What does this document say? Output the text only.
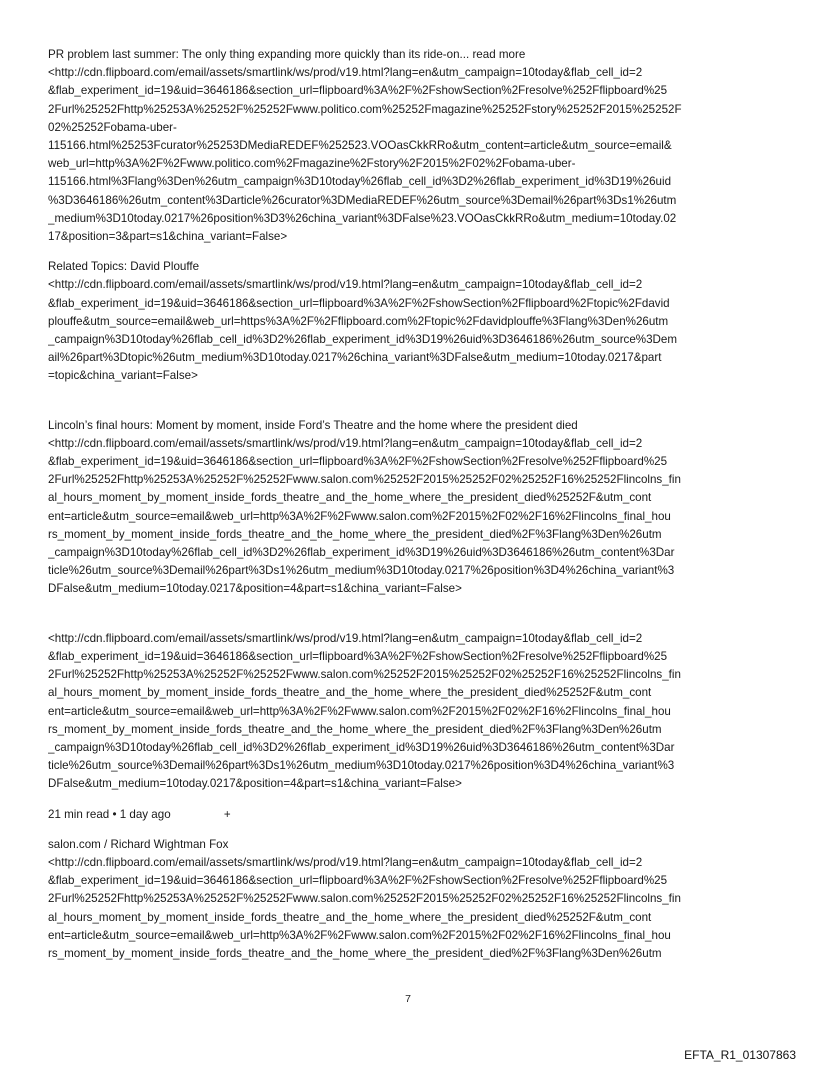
PR problem last summer: The only thing expanding more quickly than its ride-on... read more
<http://cdn.flipboard.com/email/assets/smartlink/ws/prod/v19.html?lang=en&utm_campaign=10today&flab_cell_id=2
&flab_experiment_id=19&uid=3646186&section_url=flipboard%3A%2F%2FshowSection%2Fresolve%252Fflipboard%25
2Furl%25252Fhttp%25253A%25252F%25252Fwww.politico.com%25252Fmagazine%25252Fstory%25252F2015%25252F
02%25252Fobama-uber-
115166.html%25253Fcurator%25253DMediaREDEF%252523.VOOasCkkRRo&utm_content=article&utm_source=email&
web_url=http%3A%2F%2Fwww.politico.com%2Fmagazine%2Fstory%2F2015%2F02%2Fobama-uber-
115166.html%3Flang%3Den%26utm_campaign%3D10today%26flab_cell_id%3D2%26flab_experiment_id%3D19%26uid
%3D3646186%26utm_content%3Darticle%26curator%3DMediaREDEF%26utm_source%3Demail%26part%3Ds1%26utm
_medium%3D10today.0217%26position%3D3%26china_variant%3DFalse%23.VOOasCkkRRo&utm_medium=10today.02
17&position=3&part=s1&china_variant=False>
Related Topics: David Plouffe
<http://cdn.flipboard.com/email/assets/smartlink/ws/prod/v19.html?lang=en&utm_campaign=10today&flab_cell_id=2
&flab_experiment_id=19&uid=3646186&section_url=flipboard%3A%2F%2FshowSection%2Fflipboard%2Ftopic%2Fdavid
plouffe&utm_source=email&web_url=https%3A%2F%2Fflipboard.com%2Ftopic%2Fdavidplouffe%3Flang%3Den%26utm
_campaign%3D10today%26flab_cell_id%3D2%26flab_experiment_id%3D19%26uid%3D3646186%26utm_source%3Dem
ail%26part%3Dtopic%26utm_medium%3D10today.0217%26china_variant%3DFalse&utm_medium=10today.0217&part
=topic&china_variant=False>
Lincoln’s final hours: Moment by moment, inside Ford’s Theatre and the home where the president died
<http://cdn.flipboard.com/email/assets/smartlink/ws/prod/v19.html?lang=en&utm_campaign=10today&flab_cell_id=2
&flab_experiment_id=19&uid=3646186&section_url=flipboard%3A%2F%2FshowSection%2Fresolve%252Fflipboard%25
2Furl%25252Fhttp%25253A%25252F%25252Fwww.salon.com%25252F2015%25252F02%25252F16%25252Flincolns_fin
al_hours_moment_by_moment_inside_fords_theatre_and_the_home_where_the_president_died%25252F&utm_cont
ent=article&utm_source=email&web_url=http%3A%2F%2Fwww.salon.com%2F2015%2F02%2F16%2Flincolns_final_hou
rs_moment_by_moment_inside_fords_theatre_and_the_home_where_the_president_died%2F%3Flang%3Den%26utm
_campaign%3D10today%26flab_cell_id%3D2%26flab_experiment_id%3D19%26uid%3D3646186%26utm_content%3Dar
ticle%26utm_source%3Demail%26part%3Ds1%26utm_medium%3D10today.0217%26position%3D4%26china_variant%3
DFalse&utm_medium=10today.0217&position=4&part=s1&china_variant=False>
<http://cdn.flipboard.com/email/assets/smartlink/ws/prod/v19.html?lang=en&utm_campaign=10today&flab_cell_id=2
&flab_experiment_id=19&uid=3646186&section_url=flipboard%3A%2F%2FshowSection%2Fresolve%252Fflipboard%25
2Furl%25252Fhttp%25253A%25252F%25252Fwww.salon.com%25252F2015%25252F02%25252F16%25252Flincolns_fin
al_hours_moment_by_moment_inside_fords_theatre_and_the_home_where_the_president_died%25252F&utm_cont
ent=article&utm_source=email&web_url=http%3A%2F%2Fwww.salon.com%2F2015%2F02%2F16%2Flincolns_final_hou
rs_moment_by_moment_inside_fords_theatre_and_the_home_where_the_president_died%2F%3Flang%3Den%26utm
_campaign%3D10today%26flab_cell_id%3D2%26flab_experiment_id%3D19%26uid%3D3646186%26utm_content%3Dar
ticle%26utm_source%3Demail%26part%3Ds1%26utm_medium%3D10today.0217%26position%3D4%26china_variant%3
DFalse&utm_medium=10today.0217&position=4&part=s1&china_variant=False>
21 min read • 1 day ago	+
salon.com / Richard Wightman Fox
<http://cdn.flipboard.com/email/assets/smartlink/ws/prod/v19.html?lang=en&utm_campaign=10today&flab_cell_id=2
&flab_experiment_id=19&uid=3646186&section_url=flipboard%3A%2F%2FshowSection%2Fresolve%252Fflipboard%25
2Furl%25252Fhttp%25253A%25252F%25252Fwww.salon.com%25252F2015%25252F02%25252F16%25252Flincolns_fin
al_hours_moment_by_moment_inside_fords_theatre_and_the_home_where_the_president_died%25252F&utm_cont
ent=article&utm_source=email&web_url=http%3A%2F%2Fwww.salon.com%2F2015%2F02%2F16%2Flincolns_final_hou
rs_moment_by_moment_inside_fords_theatre_and_the_home_where_the_president_died%2F%3Flang%3Den%26utm
7
EFTA_R1_01307863
